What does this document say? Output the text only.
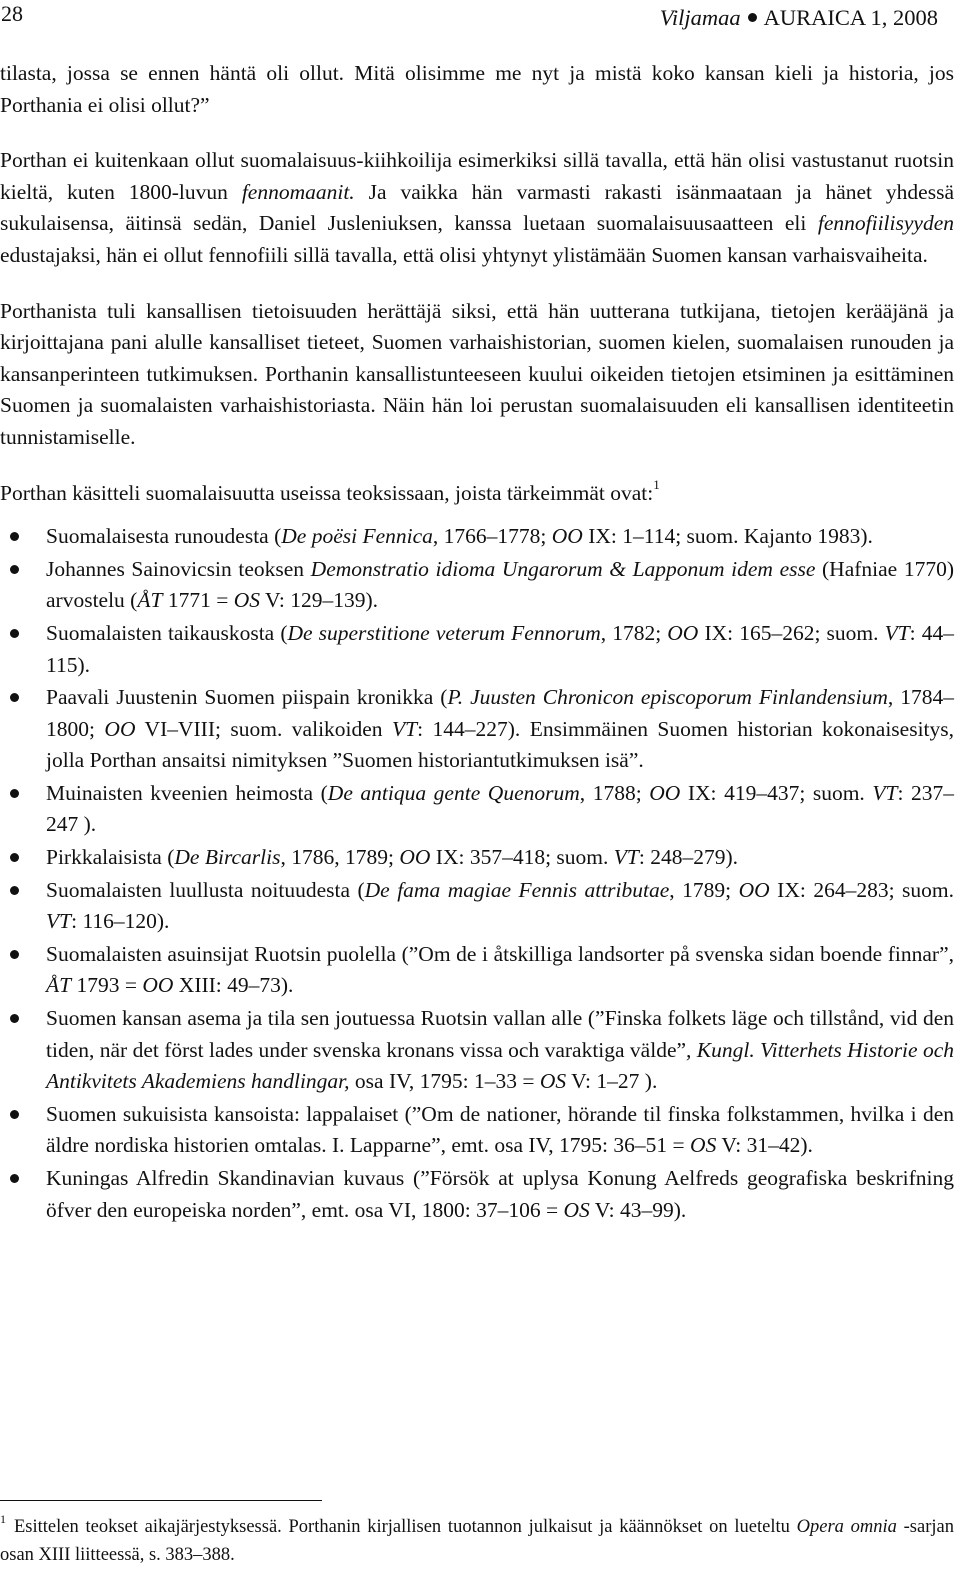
28	Viljamaa AURAICA 1, 2008

tilasta, jossa se ennen häntä oli ollut. Mitä olisimme me nyt ja mistä koko kansan kieli ja historia, jos Porthania ei olisi ollut?”

Porthan ei kuitenkaan ollut suomalaisuus-kiihkoilija esimerkiksi sillä tavalla, että hän olisi vastustanut ruotsin kieltä, kuten 1800-luvun fennomaanit. Ja vaikka hän varmasti rakasti isänmaataan ja hänet yhdessä sukulaisensa, äitinsä sedän, Daniel Jusleniuksen, kanssa luetaan suomalaisuusaatteen eli fennofiilisyyden edustajaksi, hän ei ollut fennofiili sillä tavalla, että olisi yhtynyt ylistämään Suomen kansan varhaisvaiheita.

Porthanista tuli kansallisen tietoisuuden herättäjä siksi, että hän uutterana tutkijana, tietojen kerääjänä ja kirjoittajana pani alulle kansalliset tieteet, Suomen varhaishistorian, suomen kielen, suomalaisen runouden ja kansanperinteen tutkimuksen. Porthanin kansallistunteeseen kuului oikeiden tietojen etsiminen ja esittäminen Suomen ja suomalaisten varhaishistoriasta. Näin hän loi perustan suomalaisuuden eli kansallisen identiteetin tunnistamiselle.

Porthan käsitteli suomalaisuutta useissa teoksissaan, joista tärkeimmät ovat:$^1$

Suomalaisesta runoudesta (De poësi Fennica, 1766–1778; OO IX: 1–114; suom. Kajanto 1983).
Johannes Sainovicsin teoksen Demonstratio idioma Ungarorum & Lapponum idem esse (Hafniae 1770) arvostelu (ÅT 1771 = OS V: 129–139).
Suomalaisten taikauskosta (De superstitione veterum Fennorum, 1782; OO IX: 165–262; suom. VT: 44–115).
Paavali Juustenin Suomen piispain kronikka (P. Juusten Chronicon episcoporum Finlandensium, 1784–1800; OO VI–VIII; suom. valikoiden VT: 144–227). Ensimmäinen Suomen historian kokonaisesitys, jolla Porthan ansaitsi nimityksen ”Suomen historiantutkimuksen isä”.
Muinaisten kveenien heimosta (De antiqua gente Quenorum, 1788; OO IX: 419–437; suom. VT: 237–247 ).
Pirkkalaisista (De Bircarlis, 1786, 1789; OO IX: 357–418; suom. VT: 248–279).
Suomalaisten luullusta noituudesta (De fama magiae Fennis attributae, 1789; OO IX: 264–283; suom. VT: 116–120).
Suomalaisten asuinsijat Ruotsin puolella (”Om de i åtskilliga landsorter på svenska sidan boende finnar”, ÅT 1793 = OO XIII: 49–73).
Suomen kansan asema ja tila sen joutuessa Ruotsin vallan alle (”Finska folkets läge och tillstånd, vid den tiden, när det först lades under svenska kronans vissa och varaktiga välde”, Kungl. Vitterhets Historie och Antikvitets Akademiens handlingar, osa IV, 1795: 1–33 = OS V: 1–27 ).
Suomen sukuisista kansoista: lappalaiset (”Om de nationer, hörande til finska folkstammen, hvilka i den äldre nordiska historien omtalas. I. Lapparne”, emt. osa IV, 1795: 36–51 = OS V: 31–42).
Kuningas Alfredin Skandinavian kuvaus (”Försök at uplysa Konung Aelfreds geografiska beskrifning öfver den europeiska norden”, emt. osa VI, 1800: 37–106 = OS V: 43–99).
$^1$ Esittelen teokset aikajärjestyksessä. Porthanin kirjallisen tuotannon julkaisut ja käännökset on lueteltu Opera omnia -sarjan osan XIII liitteessä, s. 383–388.
